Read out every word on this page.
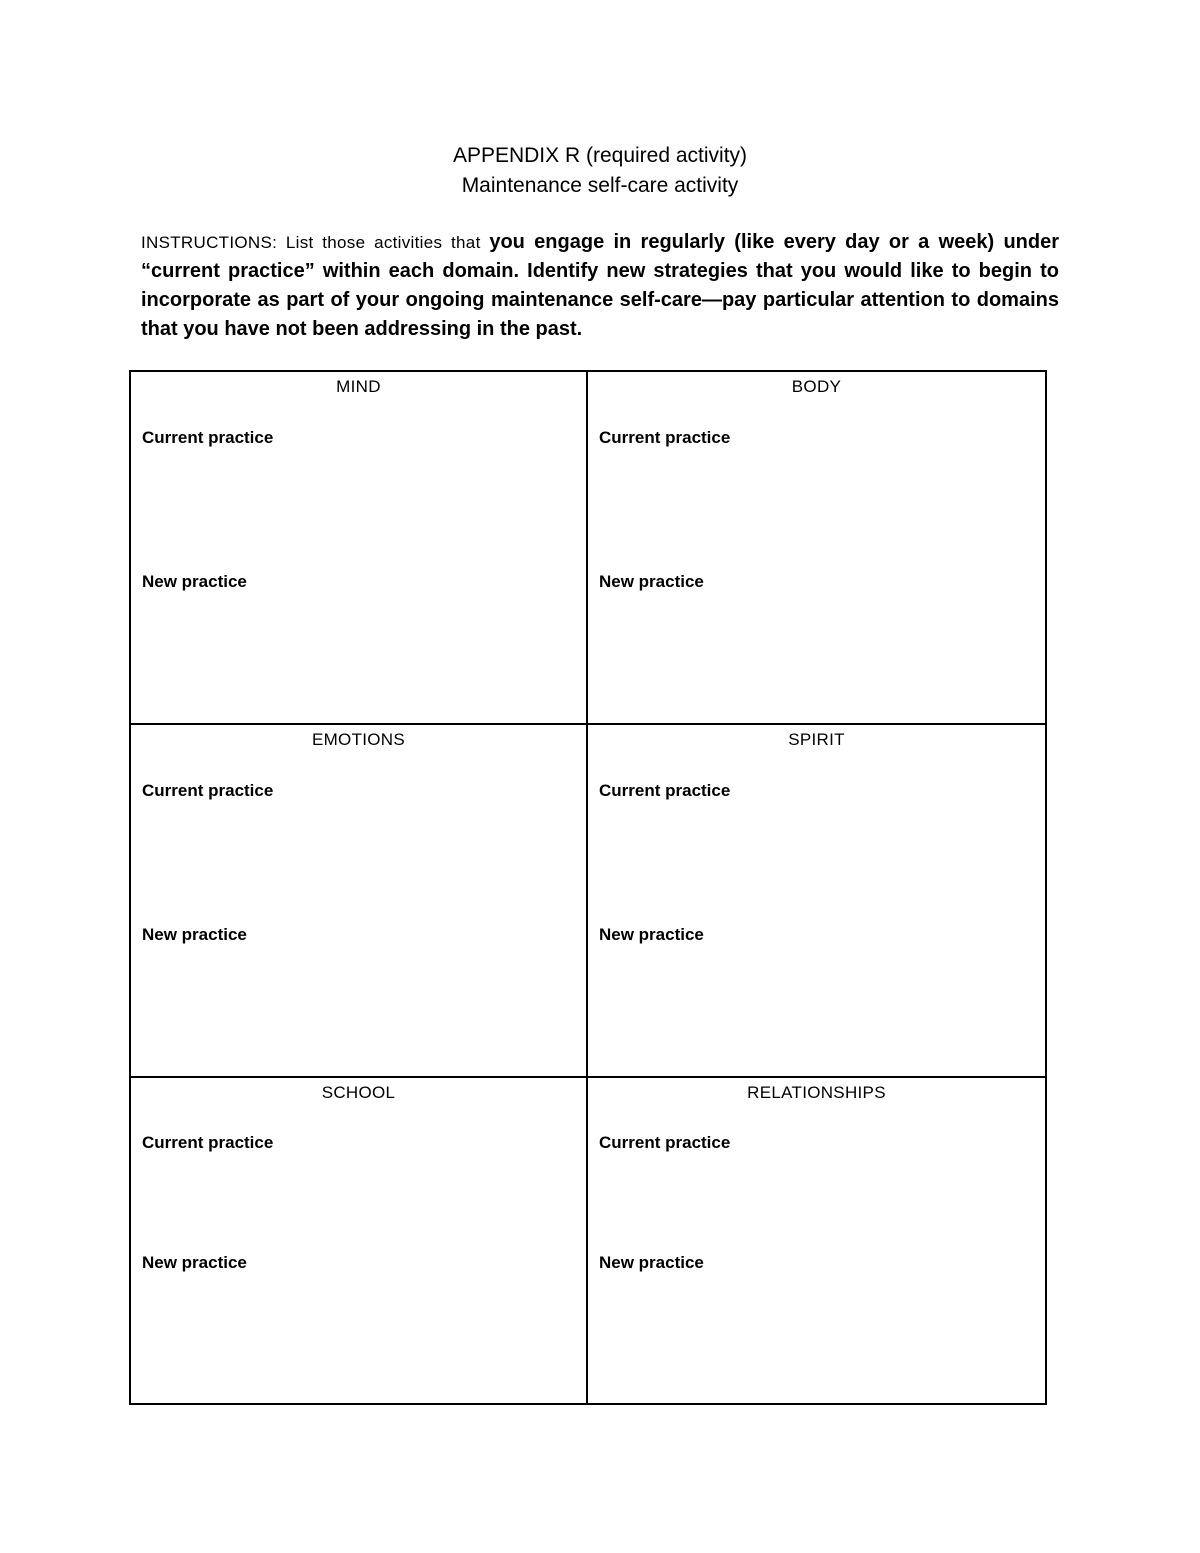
APPENDIX R (required activity)
Maintenance self-care activity
INSTRUCTIONS: List those activities that you engage in regularly (like every day or a week) under “current practice” within each domain. Identify new strategies that you would like to begin to incorporate as part of your ongoing maintenance self-care—pay particular attention to domains that you have not been addressing in the past.
MIND
Current practice
New practice
BODY
Current practice
New practice
EMOTIONS
Current practice
New practice
SPIRIT
Current practice
New practice
SCHOOL
Current practice
New practice
RELATIONSHIPS
Current practice
New practice
